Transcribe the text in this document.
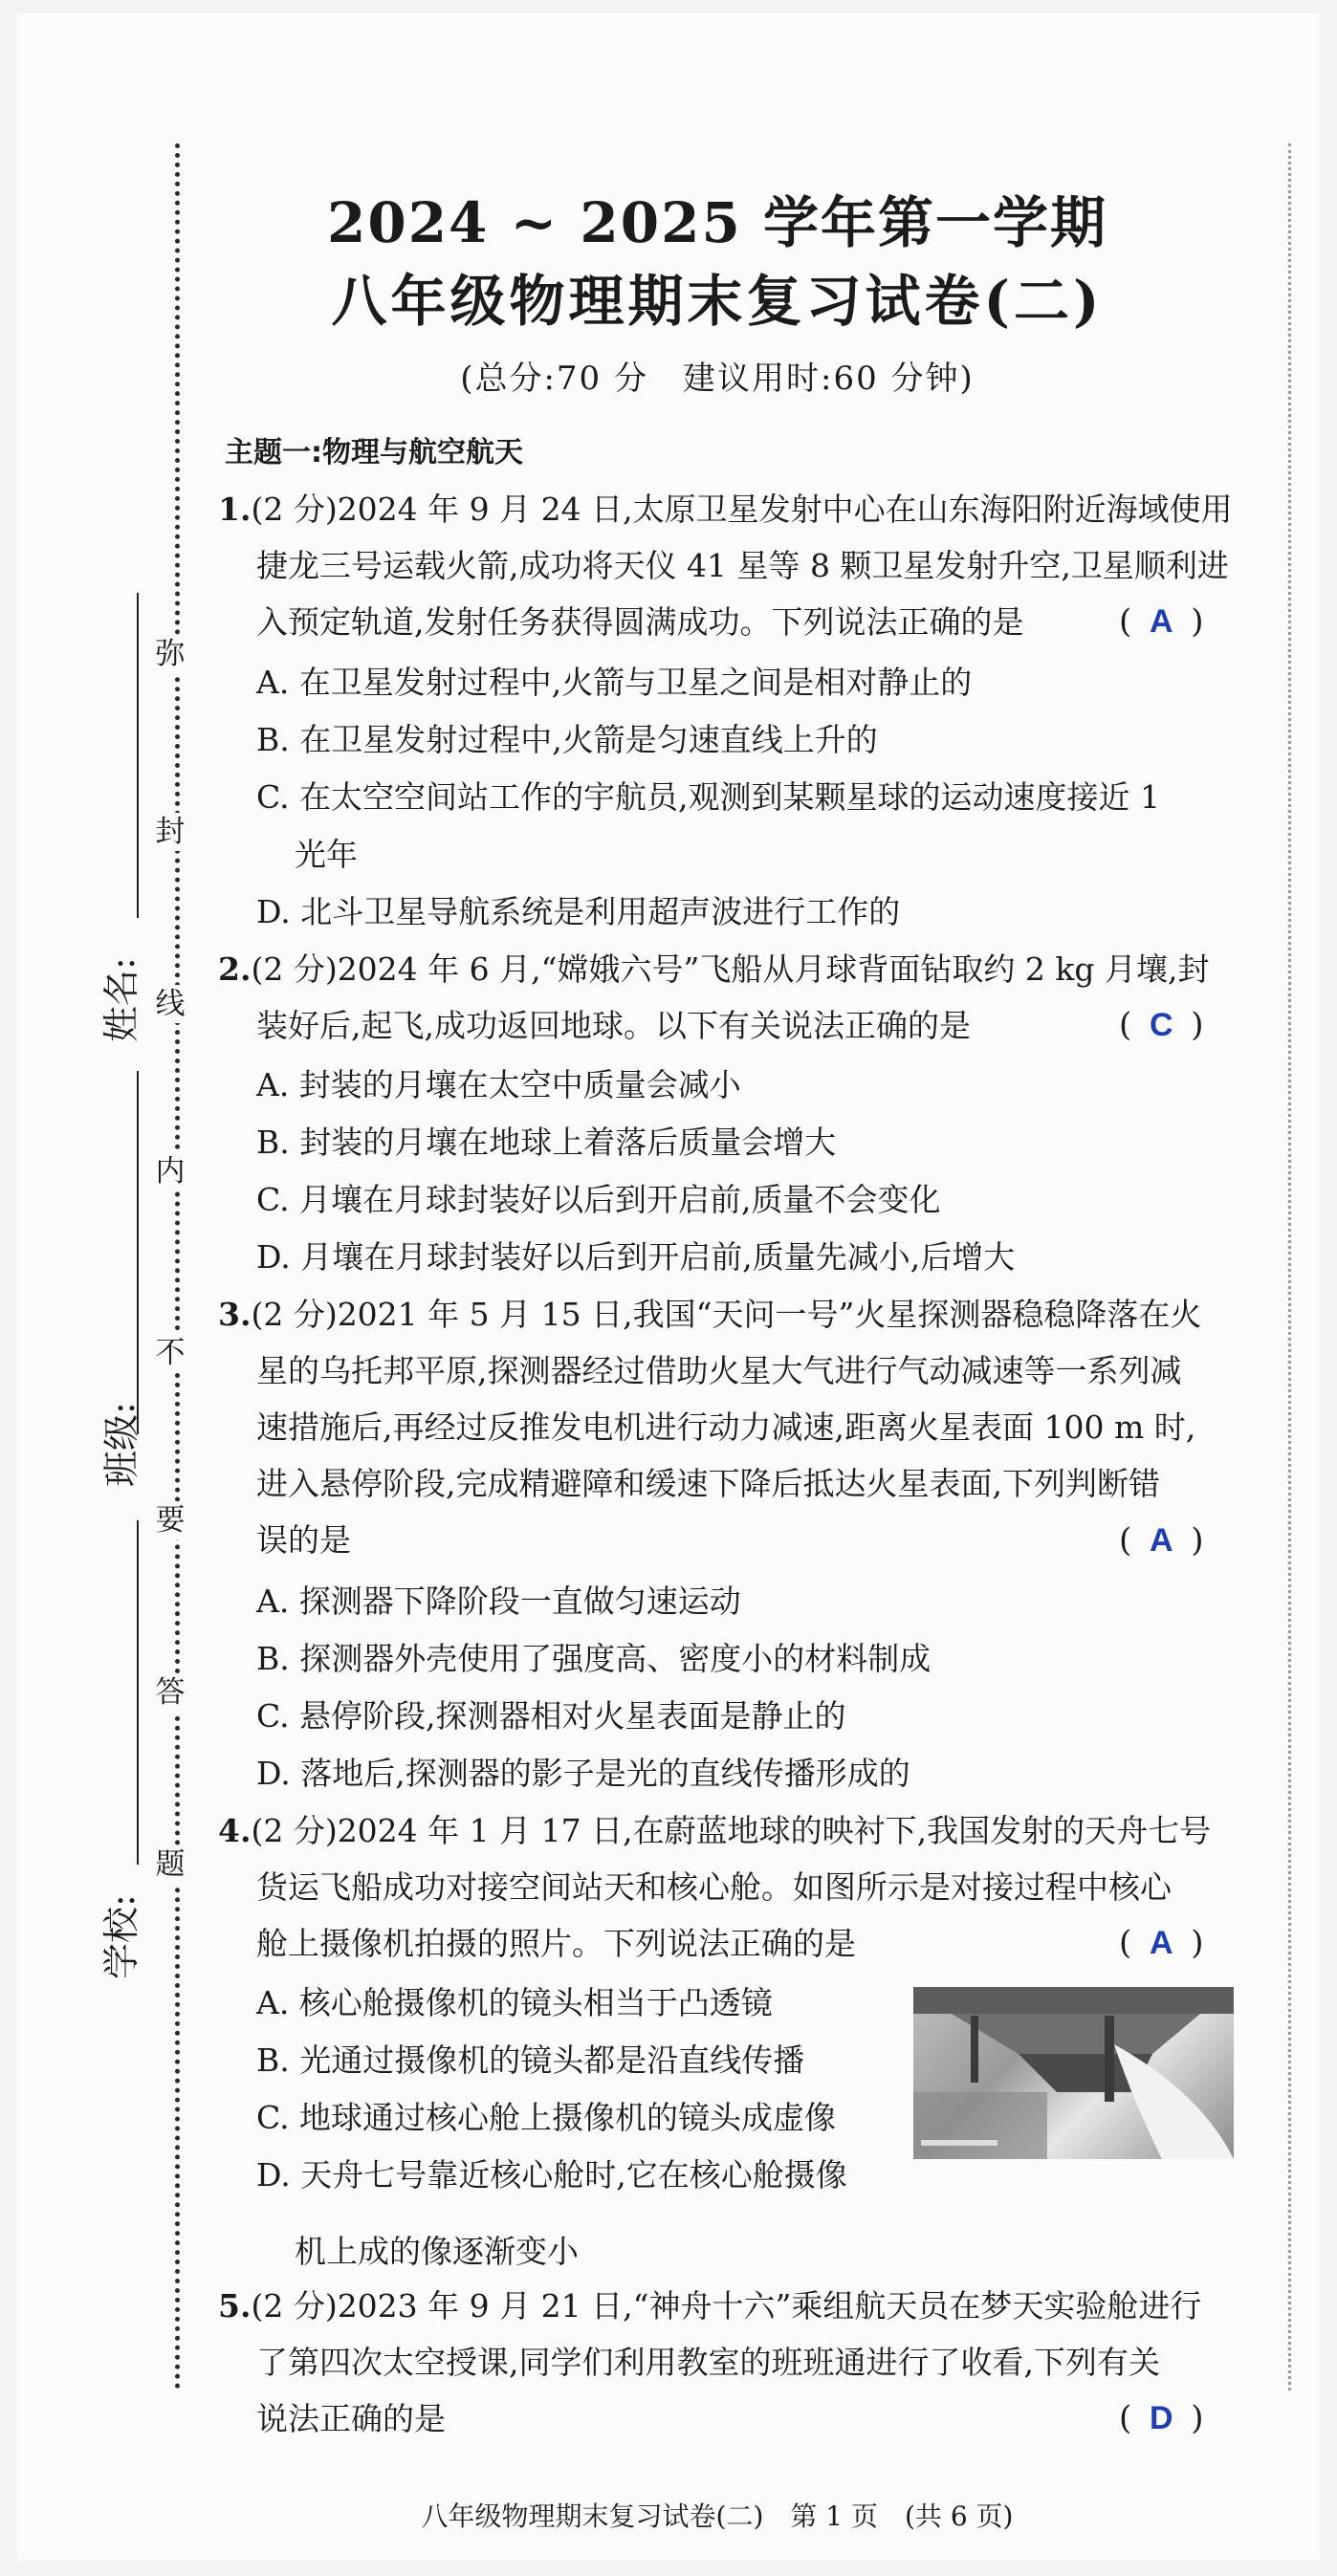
弥
封
线
内
不
要
答
题
姓名:
班级:
学校:
2024 ~ 2025 学年第一学期
八年级物理期末复习试卷(二)
(总分:70 分　建议用时:60 分钟)
主题一:物理与航空航天
1.(2 分)2024 年 9 月 24 日,太原卫星发射中心在山东海阳附近海域使用
捷龙三号运载火箭,成功将天仪 41 星等 8 颗卫星发射升空,卫星顺利进
入预定轨道,发射任务获得圆满成功。下列说法正确的是	( A )
A. 在卫星发射过程中,火箭与卫星之间是相对静止的
B. 在卫星发射过程中,火箭是匀速直线上升的
C. 在太空空间站工作的宇航员,观测到某颗星球的运动速度接近 1
光年
D. 北斗卫星导航系统是利用超声波进行工作的
2.(2 分)2024 年 6 月,“嫦娥六号”飞船从月球背面钻取约 2 kg 月壤,封
装好后,起飞,成功返回地球。以下有关说法正确的是	( C )
A. 封装的月壤在太空中质量会减小
B. 封装的月壤在地球上着落后质量会增大
C. 月壤在月球封装好以后到开启前,质量不会变化
D. 月壤在月球封装好以后到开启前,质量先减小,后增大
3.(2 分)2021 年 5 月 15 日,我国“天问一号”火星探测器稳稳降落在火
星的乌托邦平原,探测器经过借助火星大气进行气动减速等一系列减
速措施后,再经过反推发电机进行动力减速,距离火星表面 100 m 时,
进入悬停阶段,完成精避障和缓速下降后抵达火星表面,下列判断错
误的是	( A )
A. 探测器下降阶段一直做匀速运动
B. 探测器外壳使用了强度高、密度小的材料制成
C. 悬停阶段,探测器相对火星表面是静止的
D. 落地后,探测器的影子是光的直线传播形成的
4.(2 分)2024 年 1 月 17 日,在蔚蓝地球的映衬下,我国发射的天舟七号
货运飞船成功对接空间站天和核心舱。如图所示是对接过程中核心
舱上摄像机拍摄的照片。下列说法正确的是	( A )
A. 核心舱摄像机的镜头相当于凸透镜
B. 光通过摄像机的镜头都是沿直线传播
C. 地球通过核心舱上摄像机的镜头成虚像
D. 天舟七号靠近核心舱时,它在核心舱摄像
机上成的像逐渐变小
5.(2 分)2023 年 9 月 21 日,“神舟十六”乘组航天员在梦天实验舱进行
了第四次太空授课,同学们利用教室的班班通进行了收看,下列有关
说法正确的是	( D )
八年级物理期末复习试卷(二)　第 1 页　(共 6 页)
